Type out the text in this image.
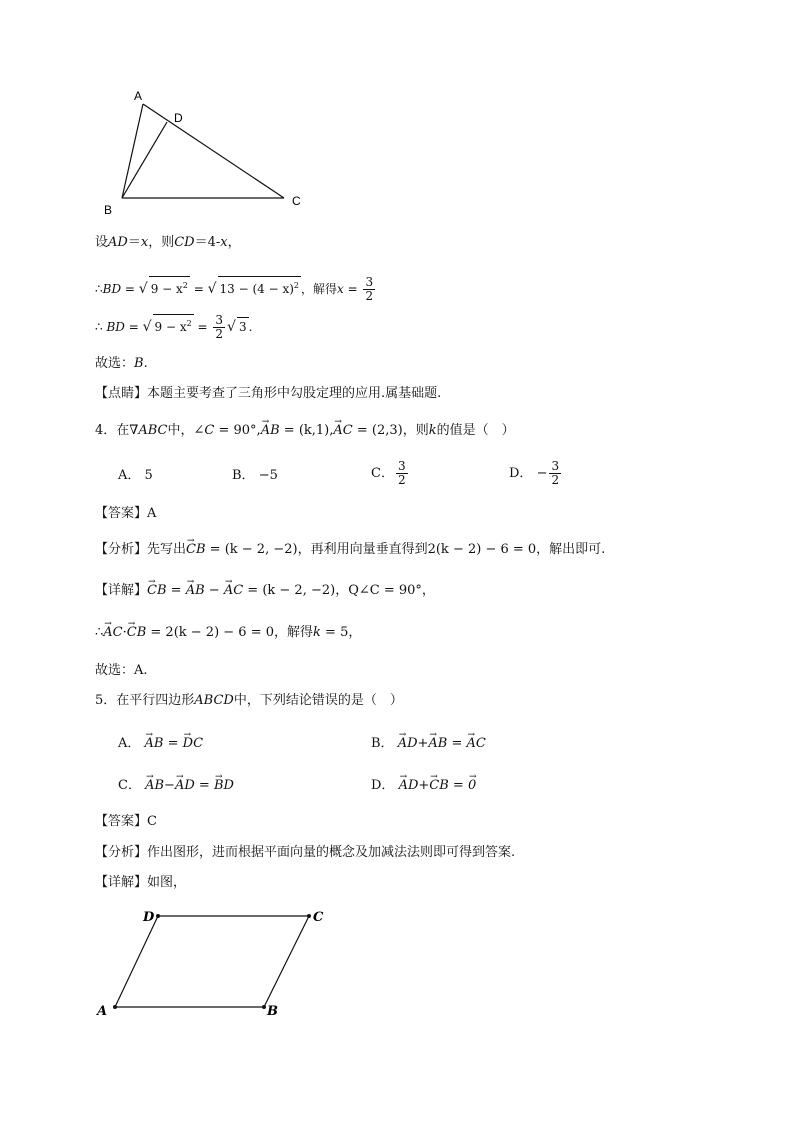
A
D
B
C
设AD＝x，则CD＝4-x，
∴BD = √ $9 - x^2$ = √ $13 - (4 - x)^2$ ，解得$x = \frac{3}{2}$
∴ BD = √ $9 - x^2 = \frac{3}{2}$ √ 3 .
故选：B.
【点睛】本题主要考查了三角形中勾股定理的应用.属基础题.
4．在∇ABC中，∠C = 90°,→ AB = (k,1),→ AC = (2,3)，则k的值是（　）
A． 5	B． −5	C． $\frac{3}{2}$	D． − $\frac{3}{2}$
【答案】A
【分析】先写出→ CB = (k − 2, −2)，再利用向量垂直得到2(k − 2) − 6 = 0，解出即可.
【详解】→ CB = → AB − → AC = (k − 2, −2)，Q∠C = 90°，
∴→ AC·→ CB = 2(k − 2) − 6 = 0，解得k = 5，
故选：A.
5．在平行四边形ABCD中，下列结论错误的是（　）
A． → AB = → DC	B． → AD+→ AB = → AC
C． → AB−→ AD = → BD	D． → AD+→ CB = → 0
【答案】C
【分析】作出图形，进而根据平面向量的概念及加减法法则即可得到答案.
【详解】如图，
D	C
A	B
